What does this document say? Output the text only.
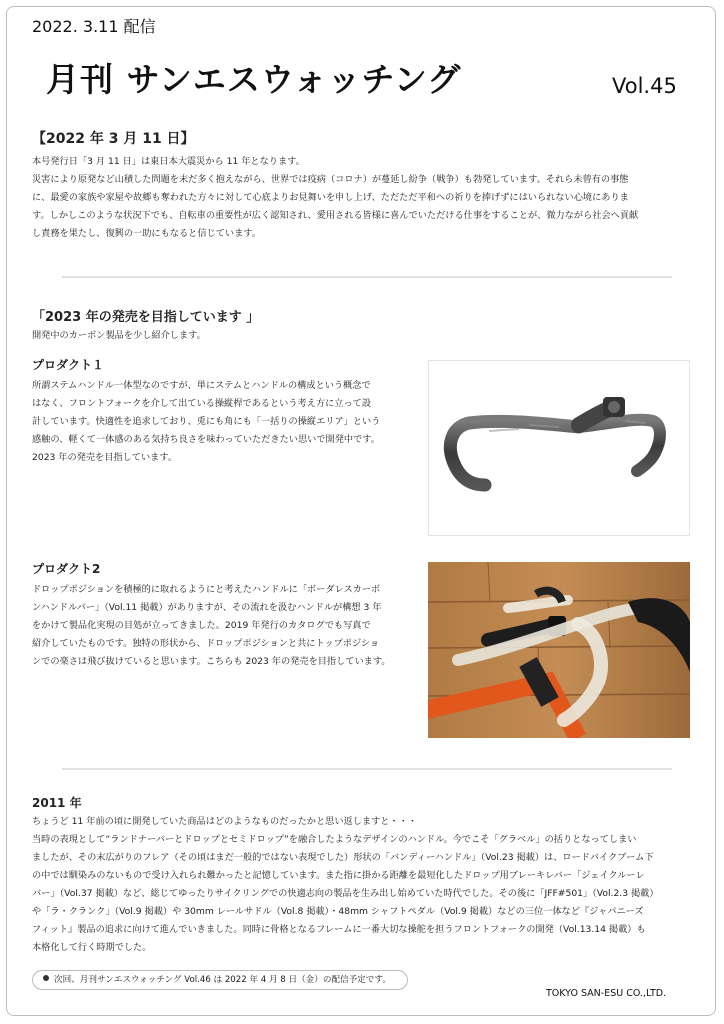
2022. 3.11 配信
月刊 サンエスウォッチング	Vol.45

【2022 年 3 月 11 日】

本号発行日「3 月 11 日」は東日本大震災から 11 年となります。

災害により原発など山積した問題を未だ多く抱えながら、世界では疫病（コロナ）が蔓延し紛争（戦争）も勃発しています。それら未曾有の事態

に、最愛の家族や家屋や故郷も奪われた方々に対して心底よりお見舞いを申し上げ、ただただ平和への祈りを捧げずにはいられない心境にありま

す。しかしこのような状況下でも、自転車の重要性が広く認知され、愛用される皆様に喜んでいただける仕事をすることが、微力ながら社会へ貢献

し責務を果たし、復興の一助にもなると信じています。

「2023 年の発売を目指しています 」

開発中のカーボン製品を少し紹介します。

プロダクト１

所謂ステムハンドル一体型なのですが、単にステムとハンドルの構成という概念で

はなく、フロントフォークを介して出ている操縦桿であるという考え方に立って設

計しています。快適性を追求しており、兎にも角にも「一括りの操縦エリア」という

感触の、軽くて一体感のある気持ち良さを味わっていただきたい思いで開発中です。

2023 年の発売を目指しています。

プロダクト2

ドロップポジションを積極的に取れるようにと考えたハンドルに「ボーダレスカーボ

ンハンドルバー」（Vol.11 掲載）がありますが、その流れを汲むハンドルが構想 3 年

をかけて製品化実現の目処が立ってきました。2019 年発行のカタログでも写真で

紹介していたものです。独特の形状から、ドロップポジションと共にトップポジショ

ンでの楽さは飛び抜けていると思います。こちらも 2023 年の発売を目指しています。

2011 年

ちょうど 11 年前の頃に開発していた商品はどのようなものだったかと思い返しますと・・・

当時の表現として“ランドナーバーとドロップとセミドロップ”を融合したようなデザインのハンドル。今でこそ「グラベル」の括りとなってしまい

ましたが、その末広がりのフレア（その頃はまだ一般的ではない表現でした）形状の「バンディーハンドル」（Vol.23 掲載）は、ロードバイクブーム下

の中では馴染みのないもので受け入れられ難かったと記憶しています。また指に掛かる距離を最短化したドロップ用ブレーキレバー「ジェイクルーレ

バー」（Vol.37 掲載）など、総じてゆったりサイクリングでの快適志向の製品を生み出し始めていた時代でした。その後に「JFF#501」（Vol.2.3 掲載）

や「ラ・クランク」（Vol.9 掲載）や 30mm レールサドル（Vol.8 掲載）・48mm シャフトペダル（Vol.9 掲載）などの三位一体など『ジャパニーズ

フィット』製品の追求に向けて進んでいきました。同時に骨格となるフレームに一番大切な操舵を担うフロントフォークの開発（Vol.13.14 掲載）も

本格化して行く時期でした。

次回、月刊サンエスウォッチング Vol.46 は 2022 年 4 月 8 日（金）の配信予定です。
TOKYO SAN-ESU CO.,LTD.
